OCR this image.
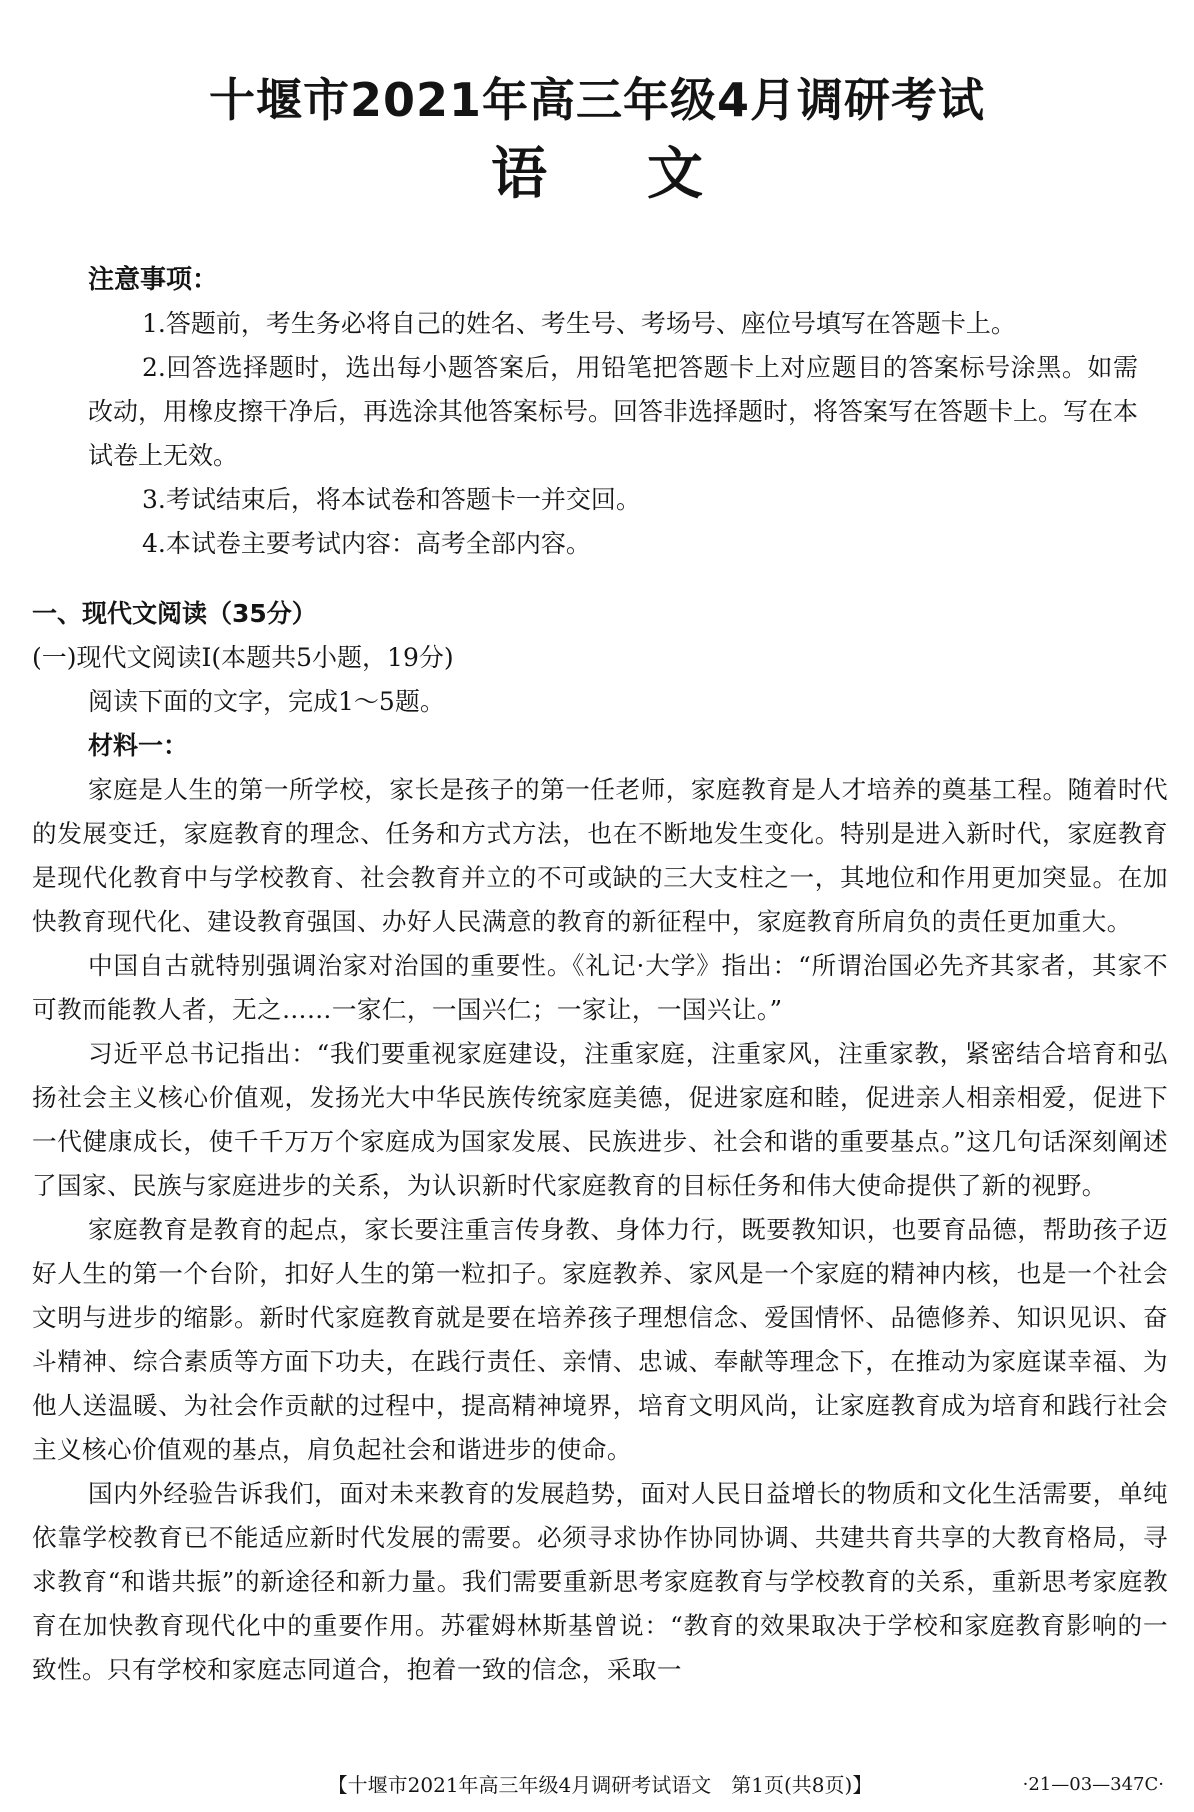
十堰市2021年高三年级4月调研考试
语文
注意事项：
1.答题前，考生务必将自己的姓名、考生号、考场号、座位号填写在答题卡上。
2.回答选择题时，选出每小题答案后，用铅笔把答题卡上对应题目的答案标号涂黑。如需改动，用橡皮擦干净后，再选涂其他答案标号。回答非选择题时，将答案写在答题卡上。写在本试卷上无效。
3.考试结束后，将本试卷和答题卡一并交回。
4.本试卷主要考试内容：高考全部内容。
一、现代文阅读（35分）
(一)现代文阅读Ⅰ(本题共5小题，19分)
阅读下面的文字，完成1～5题。
材料一：
家庭是人生的第一所学校，家长是孩子的第一任老师，家庭教育是人才培养的奠基工程。随着时代的发展变迁，家庭教育的理念、任务和方式方法，也在不断地发生变化。特别是进入新时代，家庭教育是现代化教育中与学校教育、社会教育并立的不可或缺的三大支柱之一，其地位和作用更加突显。在加快教育现代化、建设教育强国、办好人民满意的教育的新征程中，家庭教育所肩负的责任更加重大。
中国自古就特别强调治家对治国的重要性。《礼记·大学》指出：“所谓治国必先齐其家者，其家不可教而能教人者，无之……一家仁，一国兴仁；一家让，一国兴让。”
习近平总书记指出：“我们要重视家庭建设，注重家庭，注重家风，注重家教，紧密结合培育和弘扬社会主义核心价值观，发扬光大中华民族传统家庭美德，促进家庭和睦，促进亲人相亲相爱，促进下一代健康成长，使千千万万个家庭成为国家发展、民族进步、社会和谐的重要基点。”这几句话深刻阐述了国家、民族与家庭进步的关系，为认识新时代家庭教育的目标任务和伟大使命提供了新的视野。
家庭教育是教育的起点，家长要注重言传身教、身体力行，既要教知识，也要育品德，帮助孩子迈好人生的第一个台阶，扣好人生的第一粒扣子。家庭教养、家风是一个家庭的精神内核，也是一个社会文明与进步的缩影。新时代家庭教育就是要在培养孩子理想信念、爱国情怀、品德修养、知识见识、奋斗精神、综合素质等方面下功夫，在践行责任、亲情、忠诚、奉献等理念下，在推动为家庭谋幸福、为他人送温暖、为社会作贡献的过程中，提高精神境界，培育文明风尚，让家庭教育成为培育和践行社会主义核心价值观的基点，肩负起社会和谐进步的使命。
国内外经验告诉我们，面对未来教育的发展趋势，面对人民日益增长的物质和文化生活需要，单纯依靠学校教育已不能适应新时代发展的需要。必须寻求协作协同协调、共建共育共享的大教育格局，寻求教育“和谐共振”的新途径和新力量。我们需要重新思考家庭教育与学校教育的关系，重新思考家庭教育在加快教育现代化中的重要作用。苏霍姆林斯基曾说：“教育的效果取决于学校和家庭教育影响的一致性。只有学校和家庭志同道合，抱着一致的信念，采取一
【十堰市2021年高三年级4月调研考试语文　第1页(共8页)】	·21—03—347C·
